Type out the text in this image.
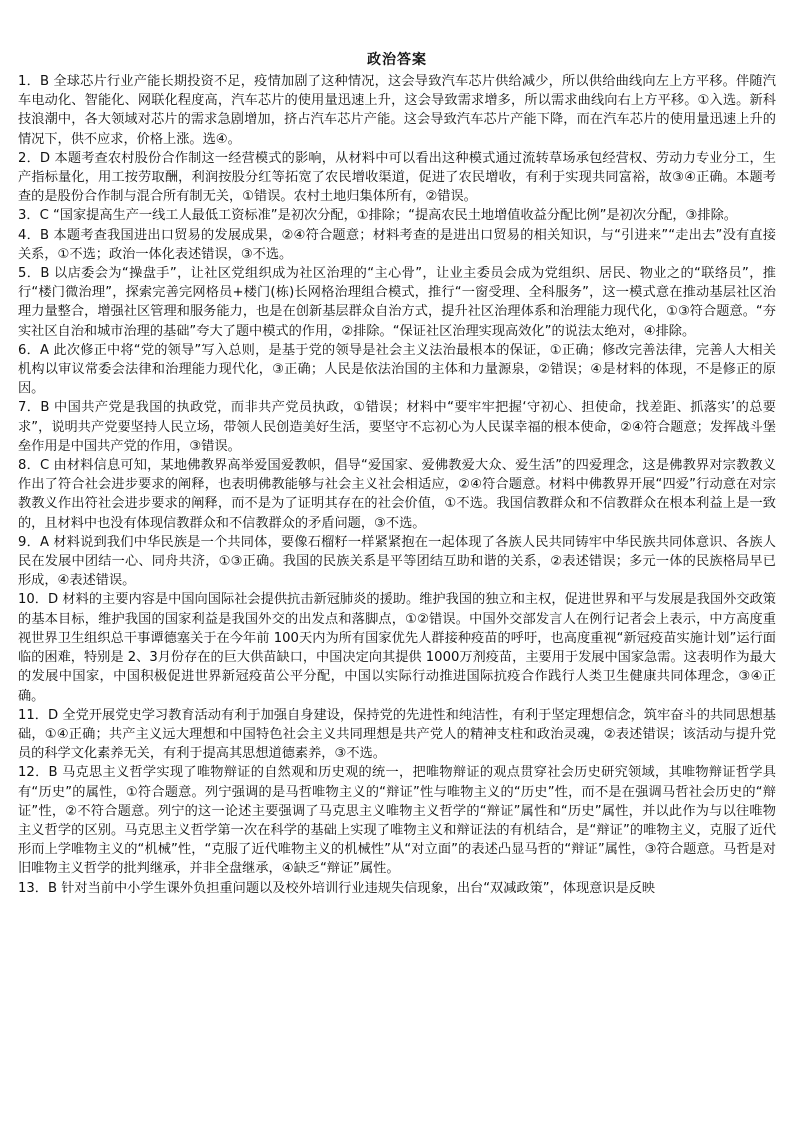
政治答案

1．B 全球芯片行业产能长期投资不足，疫情加剧了这种情况，这会导致汽车芯片供给减少，所以供给曲线向左上方平移。伴随汽车电动化、智能化、网联化程度高，汽车芯片的使用量迅速上升，这会导致需求增多，所以需求曲线向右上方平移。①入选。新科技浪潮中，各大领域对芯片的需求急剧增加，挤占汽车芯片产能。这会导致汽车芯片产能下降，而在汽车芯片的使用量迅速上升的情况下，供不应求，价格上涨。选④。

2．D 本题考查农村股份合作制这一经营模式的影响，从材料中可以看出这种模式通过流转草场承包经营权、劳动力专业分工，生产指标量化，用工按劳取酬，利润按股分红等拓宽了农民增收渠道，促进了农民增收，有利于实现共同富裕，故③④正确。本题考查的是股份合作制与混合所有制无关，①错误。农村土地归集体所有，②错误。

3．C “国家提高生产一线工人最低工资标准”是初次分配，①排除；“提高农民土地增值收益分配比例”是初次分配，③排除。

4．B 本题考查我国进出口贸易的发展成果，②④符合题意；材料考查的是进出口贸易的相关知识，与“引进来”“走出去”没有直接关系，①不选；政治一体化表述错误，③不选。

5．B 以店委会为“操盘手”，让社区党组织成为社区治理的“主心骨”，让业主委员会成为党组织、居民、物业之的“联络员”，推行“楼门微治理”，探索完善完网格员+楼门(栋)长网格治理组合模式，推行“一窗受理、全科服务”，这一模式意在推动基层社区治理力量整合，增强社区管理和服务能力，也是在创新基层群众自治方式，提升社区治理体系和治理能力现代化，①③符合题意。“夯实社区自治和城市治理的基础”夸大了题中模式的作用，②排除。“保证社区治理实现高效化”的说法太绝对，④排除。

6．A 此次修正中将“党的领导”写入总则，是基于党的领导是社会主义法治最根本的保证，①正确；修改完善法律，完善人大相关机构以审议常委会法律和治理能力现代化，③正确；人民是依法治国的主体和力量源泉，②错误；④是材料的体现，不是修正的原因。

7．B 中国共产党是我国的执政党，而非共产党员执政，①错误；材料中“要牢牢把握‘守初心、担使命，找差距、抓落实’的总要求”，说明共产党要坚持人民立场，带领人民创造美好生活，要坚守不忘初心为人民谋幸福的根本使命，②④符合题意；发挥战斗堡垒作用是中国共产党的作用，③错误。

8．C 由材料信息可知，某地佛教界高举爱国爱教帜，倡导“爱国家、爱佛教爱大众、爱生活”的四爱理念，这是佛教界对宗教教义作出了符合社会进步要求的阐释，也表明佛教能够与社会主义社会相适应，②④符合题意。材料中佛教界开展“四爱”行动意在对宗教教义作出符社会进步要求的阐释，而不是为了证明其存在的社会价值，①不选。我国信教群众和不信教群众在根本利益上是一致的，且材料中也没有体现信教群众和不信教群众的矛盾问题，③不选。

9．A 材料说到我们中华民族是一个共同体，要像石榴籽一样紧紧抱在一起体现了各族人民共同铸牢中华民族共同体意识、各族人民在发展中团结一心、同舟共济，①③正确。我国的民族关系是平等团结互助和谐的关系，②表述错误；多元一体的民族格局早已形成，④表述错误。

10．D 材料的主要内容是中国向国际社会提供抗击新冠肺炎的援助。维护我国的独立和主权，促进世界和平与发展是我国外交政策的基本目标，维护我国的国家利益是我国外交的出发点和落脚点，①②错误。中国外交部发言人在例行记者会上表示，中方高度重视世界卫生组织总干事谭德塞关于在今年前 100天内为所有国家优先人群接种疫苗的呼吁，也高度重视“新冠疫苗实施计划”运行面临的困难，特别是 2、3月份存在的巨大供苗缺口，中国决定向其提供 1000万剂疫苗，主要用于发展中国家急需。这表明作为最大的发展中国家，中国积极促进世界新冠疫苗公平分配，中国以实际行动推进国际抗疫合作践行人类卫生健康共同体理念，③④正确。

11．D 全党开展党史学习教育活动有利于加强自身建设，保持党的先进性和纯洁性，有利于坚定理想信念，筑牢奋斗的共同思想基础，①④正确；共产主义远大理想和中国特色社会主义共同理想是共产党人的精神支柱和政治灵魂，②表述错误；该活动与提升党员的科学文化素养无关，有利于提高其思想道德素养，③不选。

12．B 马克思主义哲学实现了唯物辩证的自然观和历史观的统一，把唯物辩证的观点贯穿社会历史研究领域，其唯物辩证哲学具有“历史”的属性，①符合题意。列宁强调的是马哲唯物主义的“辩证”性与唯物主义的“历史”性，而不是在强调马哲社会历史的“辩证”性，②不符合题意。列宁的这一论述主要强调了马克思主义唯物主义哲学的“辩证”属性和“历史”属性，并以此作为与以往唯物主义哲学的区别。马克思主义哲学第一次在科学的基础上实现了唯物主义和辩证法的有机结合，是“辩证”的唯物主义，克服了近代形而上学唯物主义的“机械”性，“克服了近代唯物主义的机械性”从“对立面”的表述凸显马哲的“辩证”属性，③符合题意。马哲是对旧唯物主义哲学的批判继承，并非全盘继承，④缺乏“辩证”属性。

13．B 针对当前中小学生课外负担重问题以及校外培训行业违规失信现象，出台“双减政策”，体现意识是反映
